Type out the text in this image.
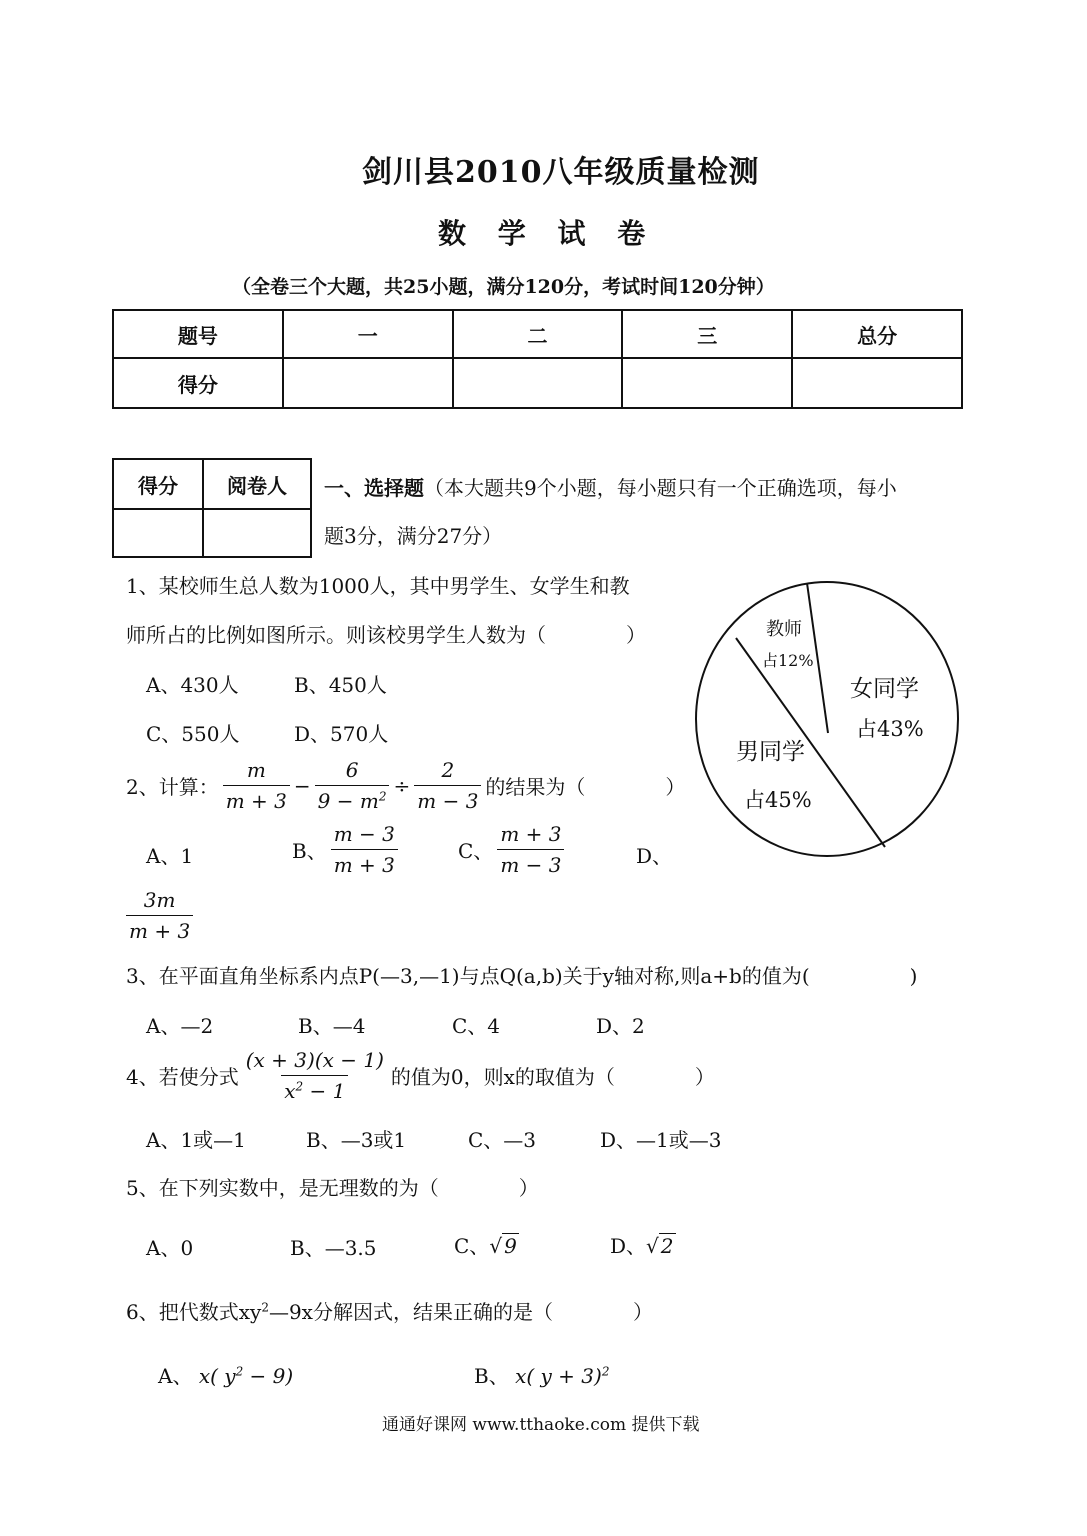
剑川县2010八年级质量检测
数 学 试 卷
（全卷三个大题，共25小题，满分120分，考试时间120分钟）
题号	一	二	三	总分
得分				
得分	阅卷人
	一、选择题（本大题共9个小题，每小题只有一个正确选项，每小
题3分，满分27分）
1、某校师生总人数为1000人，其中男学生、女学生和教
师所占的比例如图所示。则该校男学生人数为（　　　　）
A、430人	B、450人
C、550人	D、570人
教师
占12%
女同学
占43%
男同学
占45%
2、计算： $\frac{m}{m + 3} - \frac{6}{9 - m^2} \div \frac{2}{m - 3}$ 的结果为（　　　　）
A、1	B、 $\frac{m - 3}{m + 3}$	C、 $\frac{m + 3}{m - 3}$	D、
$\frac{3m}{m + 3}$
3、在平面直角坐标系内点P(—3,—1)与点Q(a,b)关于y轴对称,则a+b的值为(　　　　　)
A、—2	B、—4	C、4	D、2
4、若使分式 $\frac{(x + 3)(x - 1)}{x^2 - 1}$ 的值为0，则x的取值为（　　　　）
A、1或—1	B、—3或1	C、—3	D、—1或—3
5、在下列实数中，是无理数的为（　　　　）
A、0	B、—3.5	C、√ 9	D、√ 2
6、把代数式$xy^2—9x$分解因式，结果正确的是（　　　　）
A、 x( $y^2 - 9$)	B、 x( y + 3)$^2$
通通好课网 www.tthaoke.com 提供下载
